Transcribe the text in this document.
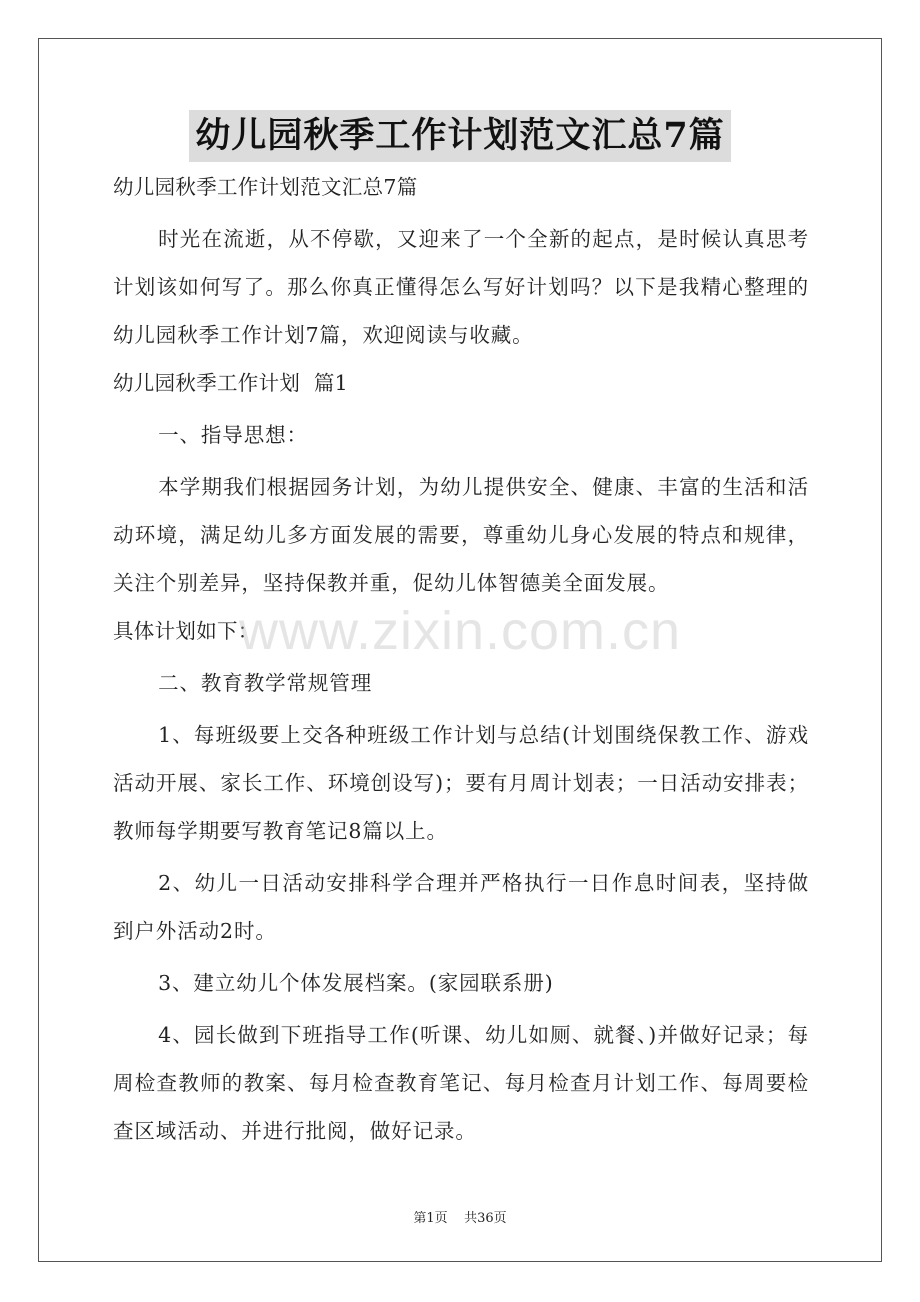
幼儿园秋季工作计划范文汇总7篇

幼儿园秋季工作计划范文汇总7篇

时光在流逝，从不停歇，又迎来了一个全新的起点，是时候认真思考计划该如何写了。那么你真正懂得怎么写好计划吗？以下是我精心整理的幼儿园秋季工作计划7篇，欢迎阅读与收藏。

幼儿园秋季工作计划  篇1

一、指导思想：

本学期我们根据园务计划，为幼儿提供安全、健康、丰富的生活和活动环境，满足幼儿多方面发展的需要，尊重幼儿身心发展的特点和规律，关注个别差异，坚持保教并重，促幼儿体智德美全面发展。

具体计划如下：

二、教育教学常规管理

1、每班级要上交各种班级工作计划与总结(计划围绕保教工作、游戏活动开展、家长工作、环境创设写)；要有月周计划表；一日活动安排表；教师每学期要写教育笔记8篇以上。

2、幼儿一日活动安排科学合理并严格执行一日作息时间表，坚持做到户外活动2时。

3、建立幼儿个体发展档案。(家园联系册)

4、园长做到下班指导工作(听课、幼儿如厕、就餐、)并做好记录；每周检查教师的教案、每月检查教育笔记、每月检查月计划工作、每周要检查区域活动、并进行批阅，做好记录。

www.zixin.com.cn
第1页    共36页
